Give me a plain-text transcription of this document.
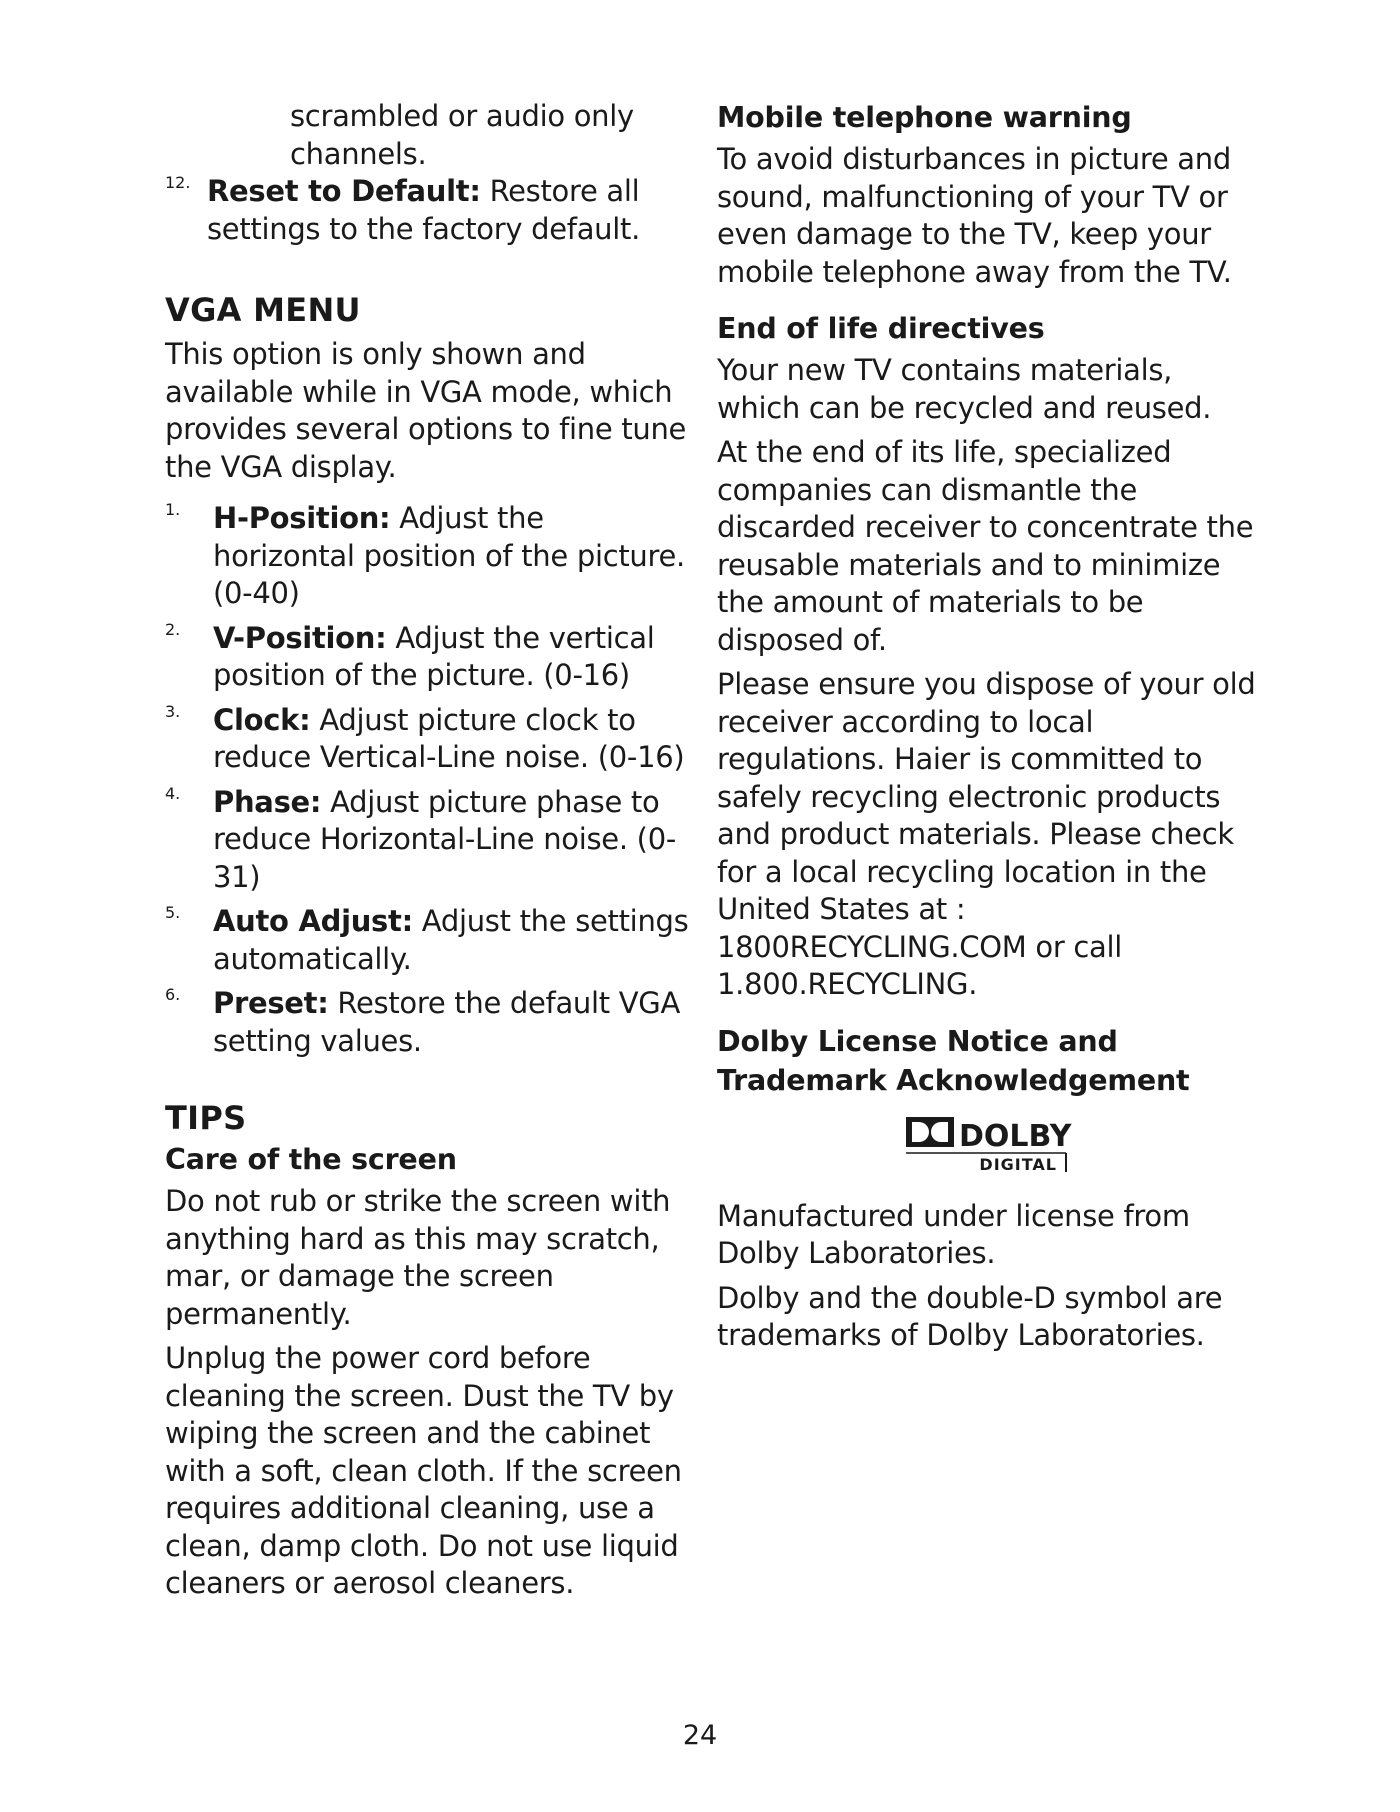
scrambled or audio only channels.

12. Reset to Default: Restore all settings to the factory default.

VGA MENU

This option is only shown and available while in VGA mode, which provides several options to fine tune the VGA display.

1. H-Position: Adjust the horizontal position of the picture. (0-40)

2. V-Position: Adjust the vertical position of the picture. (0-16)

3. Clock: Adjust picture clock to reduce Vertical-Line noise. (0-16)

4. Phase: Adjust picture phase to reduce Horizontal-Line noise. (0-31)

5. Auto Adjust: Adjust the settings automatically.

6. Preset: Restore the default VGA setting values.

TIPS
Care of the screen

Do not rub or strike the screen with anything hard as this may scratch, mar, or damage the screen permanently.

Unplug the power cord before cleaning the screen. Dust the TV by wiping the screen and the cabinet with a soft, clean cloth. If the screen requires additional cleaning, use a clean, damp cloth. Do not use liquid cleaners or aerosol cleaners.

Mobile telephone warning

To avoid disturbances in picture and sound, malfunctioning of your TV or even damage to the TV, keep your mobile telephone away from the TV.

End of life directives

Your new TV contains materials, which can be recycled and reused.

At the end of its life, specialized companies can dismantle the discarded receiver to concentrate the reusable materials and to minimize the amount of materials to be disposed of.

Please ensure you dispose of your old receiver according to local regulations. Haier is committed to safely recycling electronic products and product materials. Please check for a local recycling location in the United States at : 1800RECYCLING.COM or call 1.800.RECYCLING.

Dolby License Notice and Trademark Acknowledgement
DOLBY
DIGITAL

Manufactured under license from Dolby Laboratories.

Dolby and the double-D symbol are trademarks of Dolby Laboratories.

24
